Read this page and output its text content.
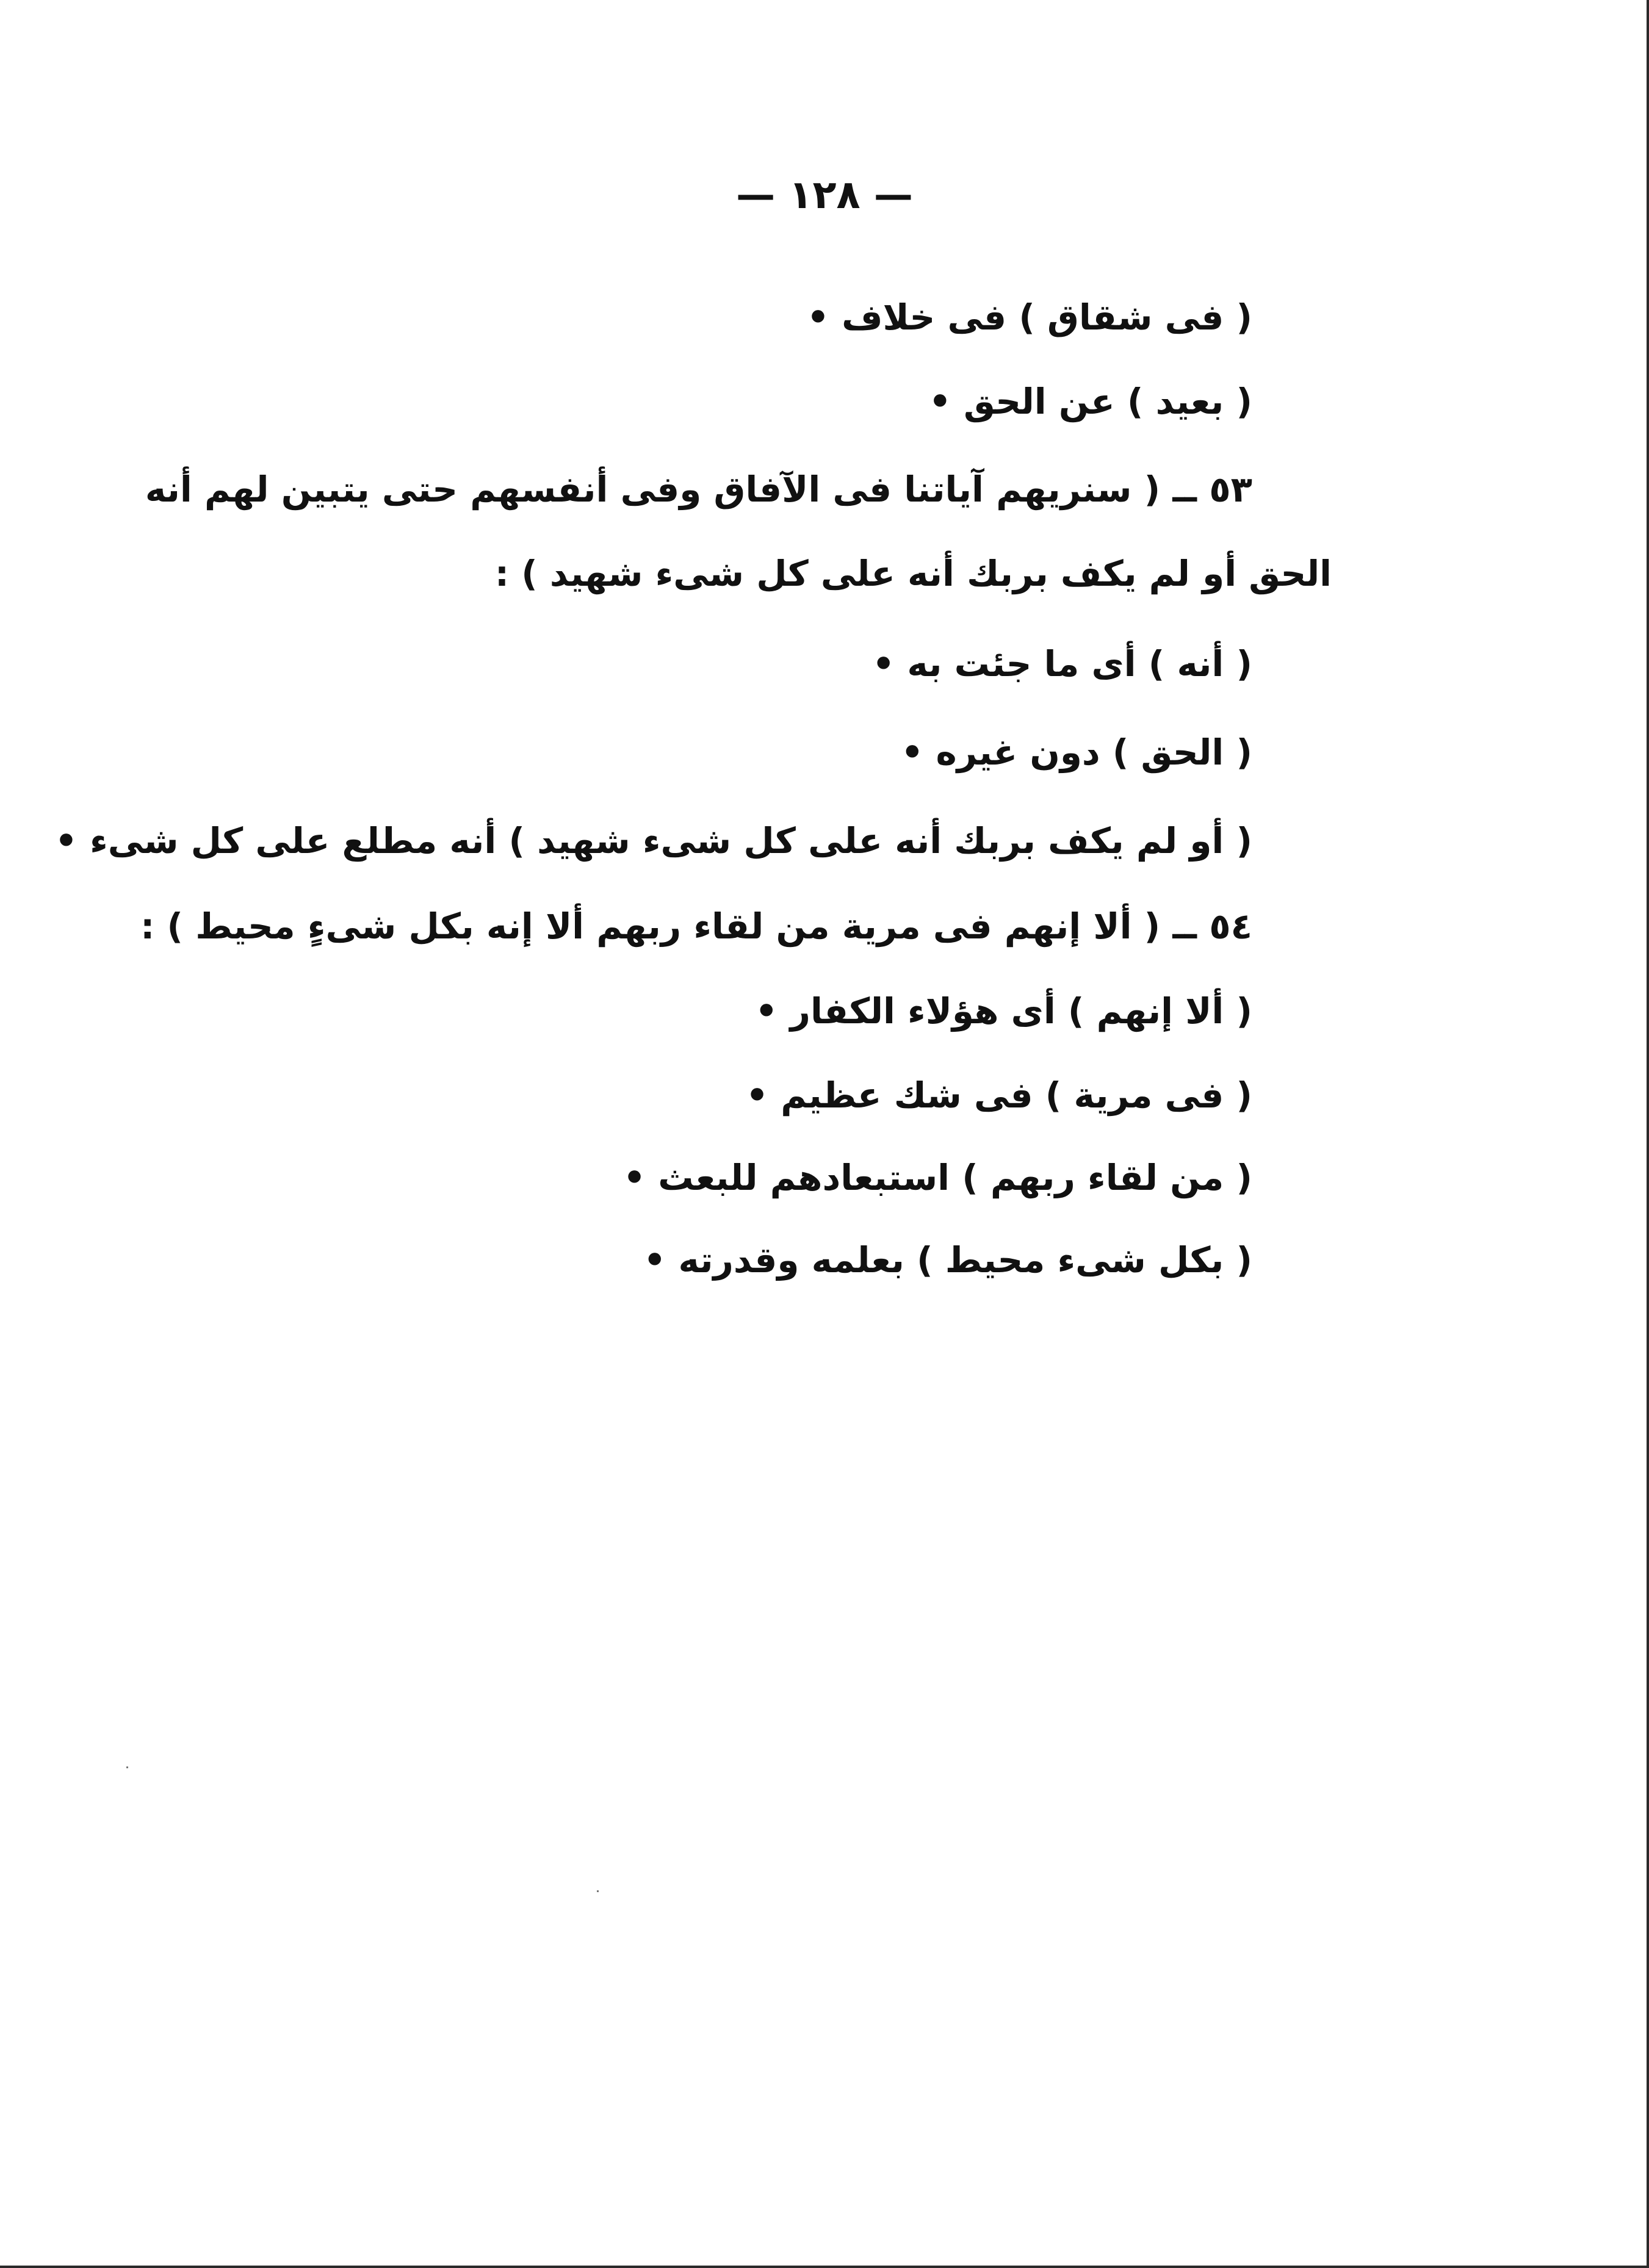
— ١٢٨ —
( فى شقاق ) فى خلاف •
( بعيد ) عن الحق •
٥٣ ــ ( سنريهم آياتنا فى الآفاق وفى أنفسهم حتى يتبين لهم أنه
الحق أو لم يكف بربك أنه على كل شىء شهيد ) :
( أنه ) أى ما جئت به •
( الحق ) دون غيره •
( أو لم يكف بربك أنه على كل شىء شهيد ) أنه مطلع على كل شىء •
٥٤ ــ ( ألا إنهم فى مرية من لقاء ربهم ألا إنه بكل شىءٍ محيط ) :
( ألا إنهم ) أى هؤلاء الكفار •
( فى مرية ) فى شك عظيم •
( من لقاء ربهم ) استبعادهم للبعث •
( بكل شىء محيط ) بعلمه وقدرته •
